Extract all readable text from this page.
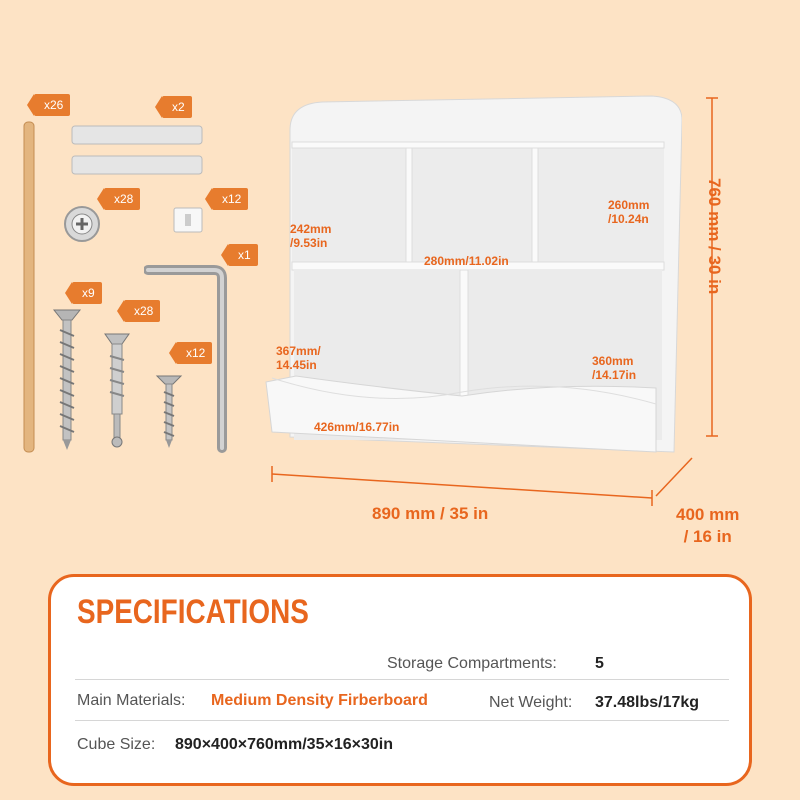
x26	x2
x28	x12
x1
x9
x28
x12
242mm
/9.53in
280mm/11.02in
260mm
/10.24n
367mm/
14.45in	360mm
/14.17in
426mm/16.77in
760 mm / 30 in
890 mm / 35 in	400 mm
/ 16 in
SPECIFICATIONS
Storage Compartments: 5
Main Materials: Medium Density Firberboard	Net Weight: 37.48lbs/17kg
Cube Size: 890×400×760mm/35×16×30in
